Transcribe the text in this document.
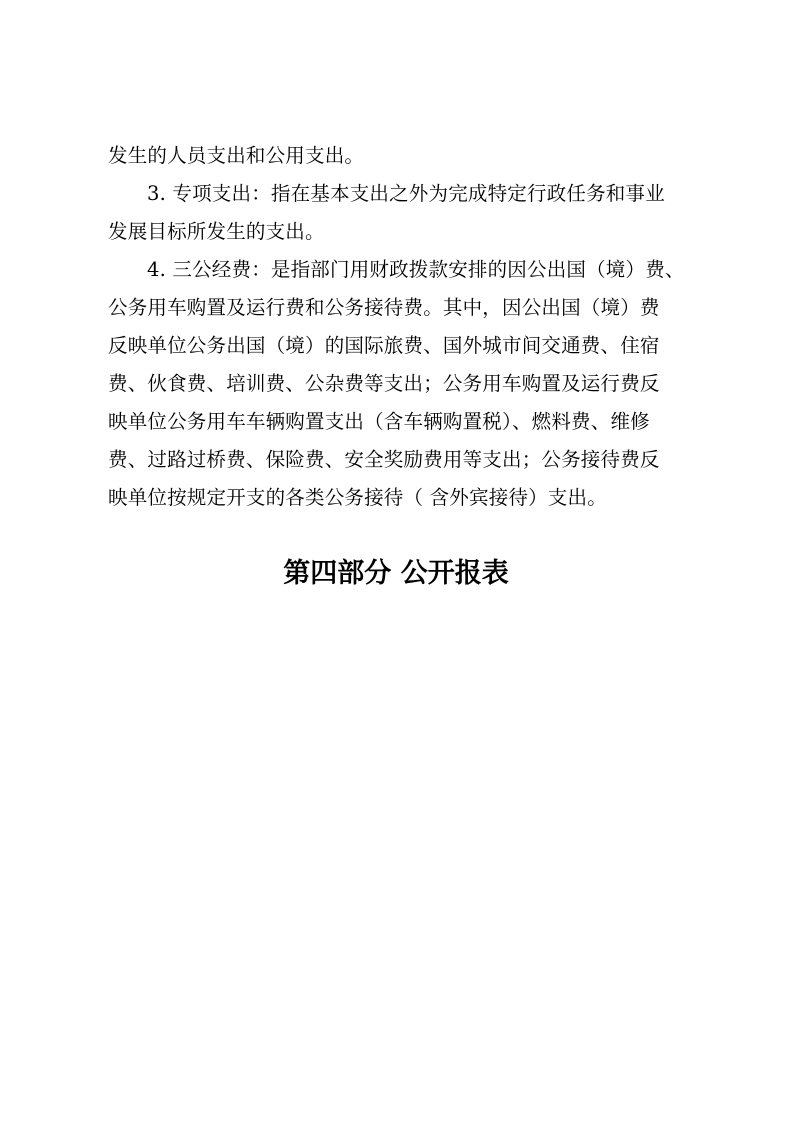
发生的人员支出和公用支出。
3. 专项支出：指在基本支出之外为完成特定行政任务和事业
发展目标所发生的支出。
4. 三公经费：是指部门用财政拨款安排的因公出国（境）费、
公务用车购置及运行费和公务接待费。其中，因公出国（境）费
反映单位公务出国（境）的国际旅费、国外城市间交通费、住宿
费、伙食费、培训费、公杂费等支出；公务用车购置及运行费反
映单位公务用车车辆购置支出（含车辆购置税）、燃料费、维修
费、过路过桥费、保险费、安全奖励费用等支出；公务接待费反
映单位按规定开支的各类公务接待（ 含外宾接待）支出。
第四部分 公开报表
